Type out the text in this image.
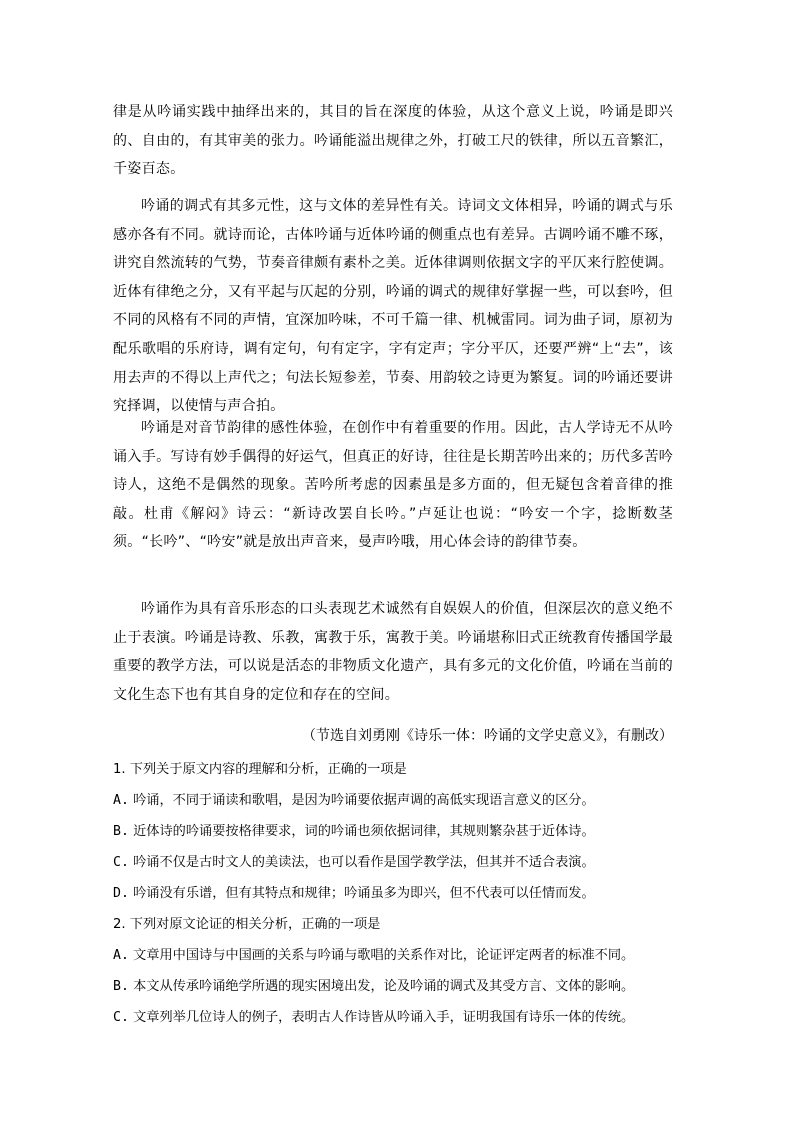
律是从吟诵实践中抽绎出来的，其目的旨在深度的体验，从这个意义上说，吟诵是即兴的、自由的，有其审美的张力。吟诵能溢出规律之外，打破工尺的铁律，所以五音繁汇，千姿百态。

吟诵的调式有其多元性，这与文体的差异性有关。诗词文文体相异，吟诵的调式与乐感亦各有不同。就诗而论，古体吟诵与近体吟诵的侧重点也有差异。古调吟诵不雕不琢，讲究自然流转的气势，节奏音律颇有素朴之美。近体律调则依据文字的平仄来行腔使调。近体有律绝之分，又有平起与仄起的分别，吟诵的调式的规律好掌握一些，可以套吟，但不同的风格有不同的声情，宜深加吟味，不可千篇一律、机械雷同。词为曲子词，原初为配乐歌唱的乐府诗，调有定句，句有定字，字有定声；字分平仄，还要严辨“上“去”，该用去声的不得以上声代之；句法长短参差，节奏、用韵较之诗更为繁复。词的吟诵还要讲究择调，以使情与声合拍。

吟诵是对音节韵律的感性体验，在创作中有着重要的作用。因此，古人学诗无不从吟诵入手。写诗有妙手偶得的好运气，但真正的好诗，往往是长期苦吟出来的；历代多苦吟诗人，这绝不是偶然的现象。苦吟所考虑的因素虽是多方面的，但无疑包含着音律的推敲。杜甫《解闷》诗云：“新诗改罢自长吟。”卢延让也说：“吟安一个字，捻断数茎须。“长吟”、“吟安”就是放出声音来，曼声吟哦，用心体会诗的韵律节奏。

吟诵作为具有音乐形态的口头表现艺术诚然有自娱娱人的价值，但深层次的意义绝不止于表演。吟诵是诗教、乐教，寓教于乐，寓教于美。吟诵堪称旧式正统教育传播国学最重要的教学方法，可以说是活态的非物质文化遗产，具有多元的文化价值，吟诵在当前的文化生态下也有其自身的定位和存在的空间。

（节选自刘勇刚《诗乐一体：吟诵的文学史意义》，有删改）

1. 下列关于原文内容的理解和分析，正确的一项是

A. 吟诵，不同于诵读和歌唱，是因为吟诵要依据声调的高低实现语言意义的区分。

B. 近体诗的吟诵要按格律要求，词的吟诵也须依据词律，其规则繁杂甚于近体诗。

C. 吟诵不仅是古时文人的美读法，也可以看作是国学教学法，但其并不适合表演。

D. 吟诵没有乐谱，但有其特点和规律；吟诵虽多为即兴，但不代表可以任情而发。

2. 下列对原文论证的相关分析，正确的一项是

A. 文章用中国诗与中国画的关系与吟诵与歌唱的关系作对比，论证评定两者的标准不同。

B. 本文从传承吟诵绝学所遇的现实困境出发，论及吟诵的调式及其受方言、文体的影响。

C. 文章列举几位诗人的例子，表明古人作诗皆从吟诵入手，证明我国有诗乐一体的传统。
